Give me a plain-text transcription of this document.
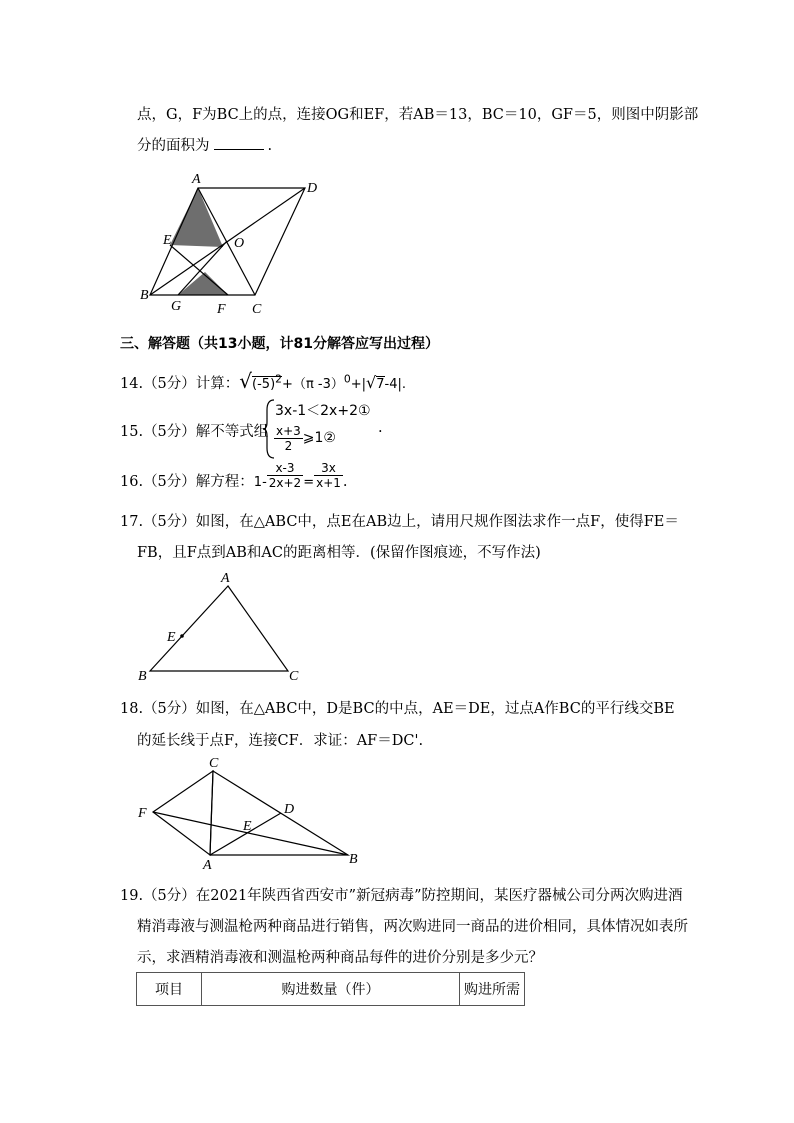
点，G，F为BC上的点，连接OG和EF，若AB＝13，BC＝10，GF＝5，则图中阴影部
分的面积为	.
A
D
E	O
B
G	F C
三、解答题（共13小题，计81分解答应写出过程）
14.（5分）计算：$√(-5)^2+(\pi$ -3）$^0$+|√7-4|.
15.（5分）解不等式组
3x-1＜2x+2①
$\frac{x+3}{2}$ ⩾1②
.
16.（5分）解方程：$1- \frac{x-3}{2x+2} = \frac{3x}{x+1}$ .
17.（5分）如图，在△ABC中，点E在AB边上，请用尺规作图法求作一点F，使得FE＝
FB，且F点到AB和AC的距离相等．(保留作图痕迹，不写作法)
A
E
B	C
18.（5分）如图，在△ABC中，D是BC的中点，AE＝DE，过点A作BC的平行线交BE
的延长线于点F，连接CF．求证：AF＝DC'.
C
D
F
E
A	B
19.（5分）在2021年陕西省西安市”新冠病毒”防控期间，某医疗器械公司分两次购进酒
精消毒液与测温枪两种商品进行销售，两次购进同一商品的进价相同，具体情况如表所
示，求酒精消毒液和测温枪两种商品每件的进价分别是多少元？
项目	购进数量（件）	购进所需
